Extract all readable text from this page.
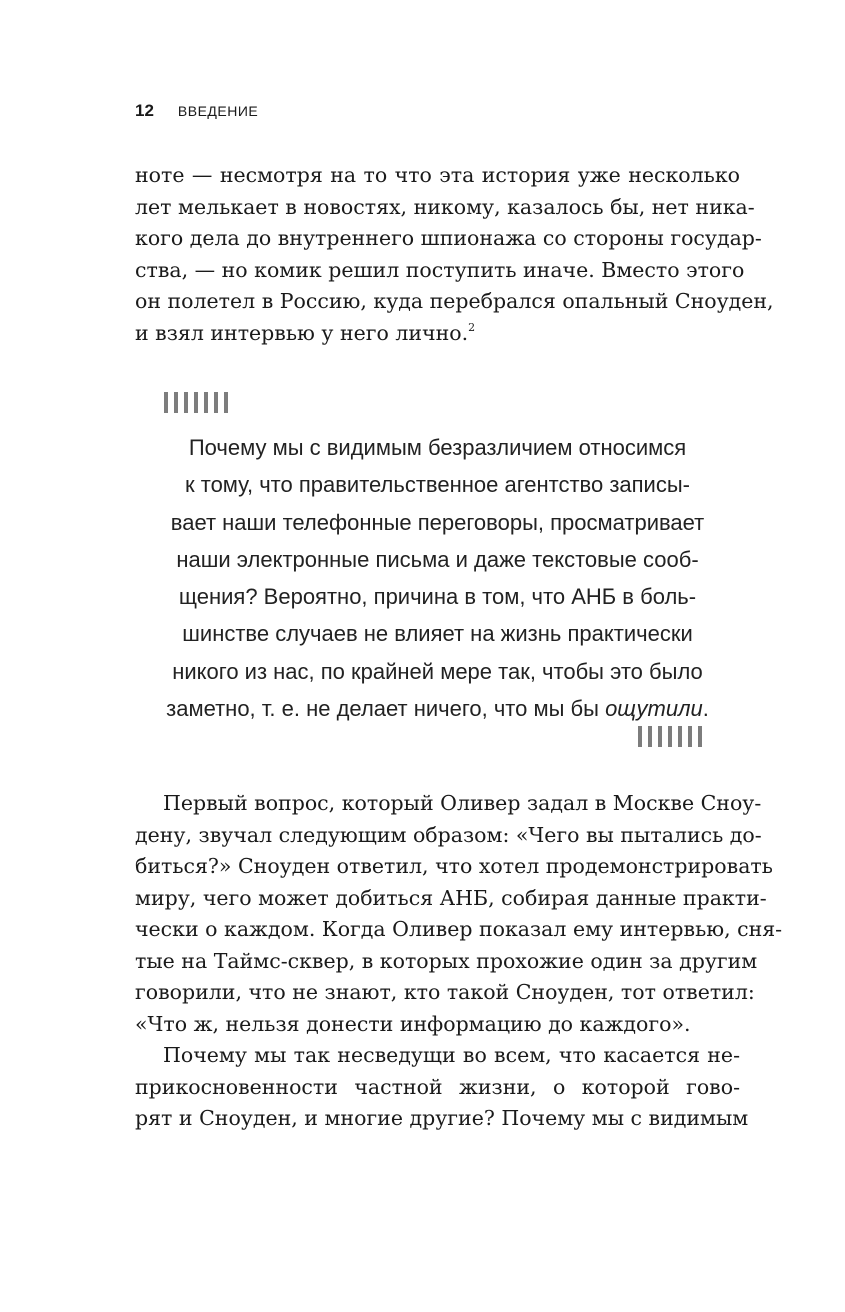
12 ВВЕДЕНИЕ
ноте — несмотря на то что эта история уже несколько
лет мелькает в новостях, никому, казалось бы, нет ника-
кого дела до внутреннего шпионажа со стороны государ-
ства, — но комик решил поступить иначе. Вместо этого
он полетел в Россию, куда перебрался опальный Сноуден,
и взял интервью у него лично.$^2$
Почему мы с видимым безразличием относимся
к тому, что правительственное агентство записы-
вает наши телефонные переговоры, просматривает
наши электронные письма и даже текстовые сооб-
щения? Вероятно, причина в том, что АНБ в боль-
шинстве случаев не влияет на жизнь практически
никого из нас, по крайней мере так, чтобы это было
заметно, т. е. не делает ничего, что мы бы ощутили.
Первый вопрос, который Оливер задал в Москве Сноу-
дену, звучал следующим образом: «Чего вы пытались до-
биться?» Сноуден ответил, что хотел продемонстрировать
миру, чего может добиться АНБ, собирая данные практи-
чески о каждом. Когда Оливер показал ему интервью, сня-
тые на Таймс-сквер, в которых прохожие один за другим
говорили, что не знают, кто такой Сноуден, тот ответил:
«Что ж, нельзя донести информацию до каждого».
Почему мы так несведущи во всем, что касается не-
прикосновенности частной жизни, о которой гово-
рят и Сноуден, и многие другие? Почему мы с видимым
